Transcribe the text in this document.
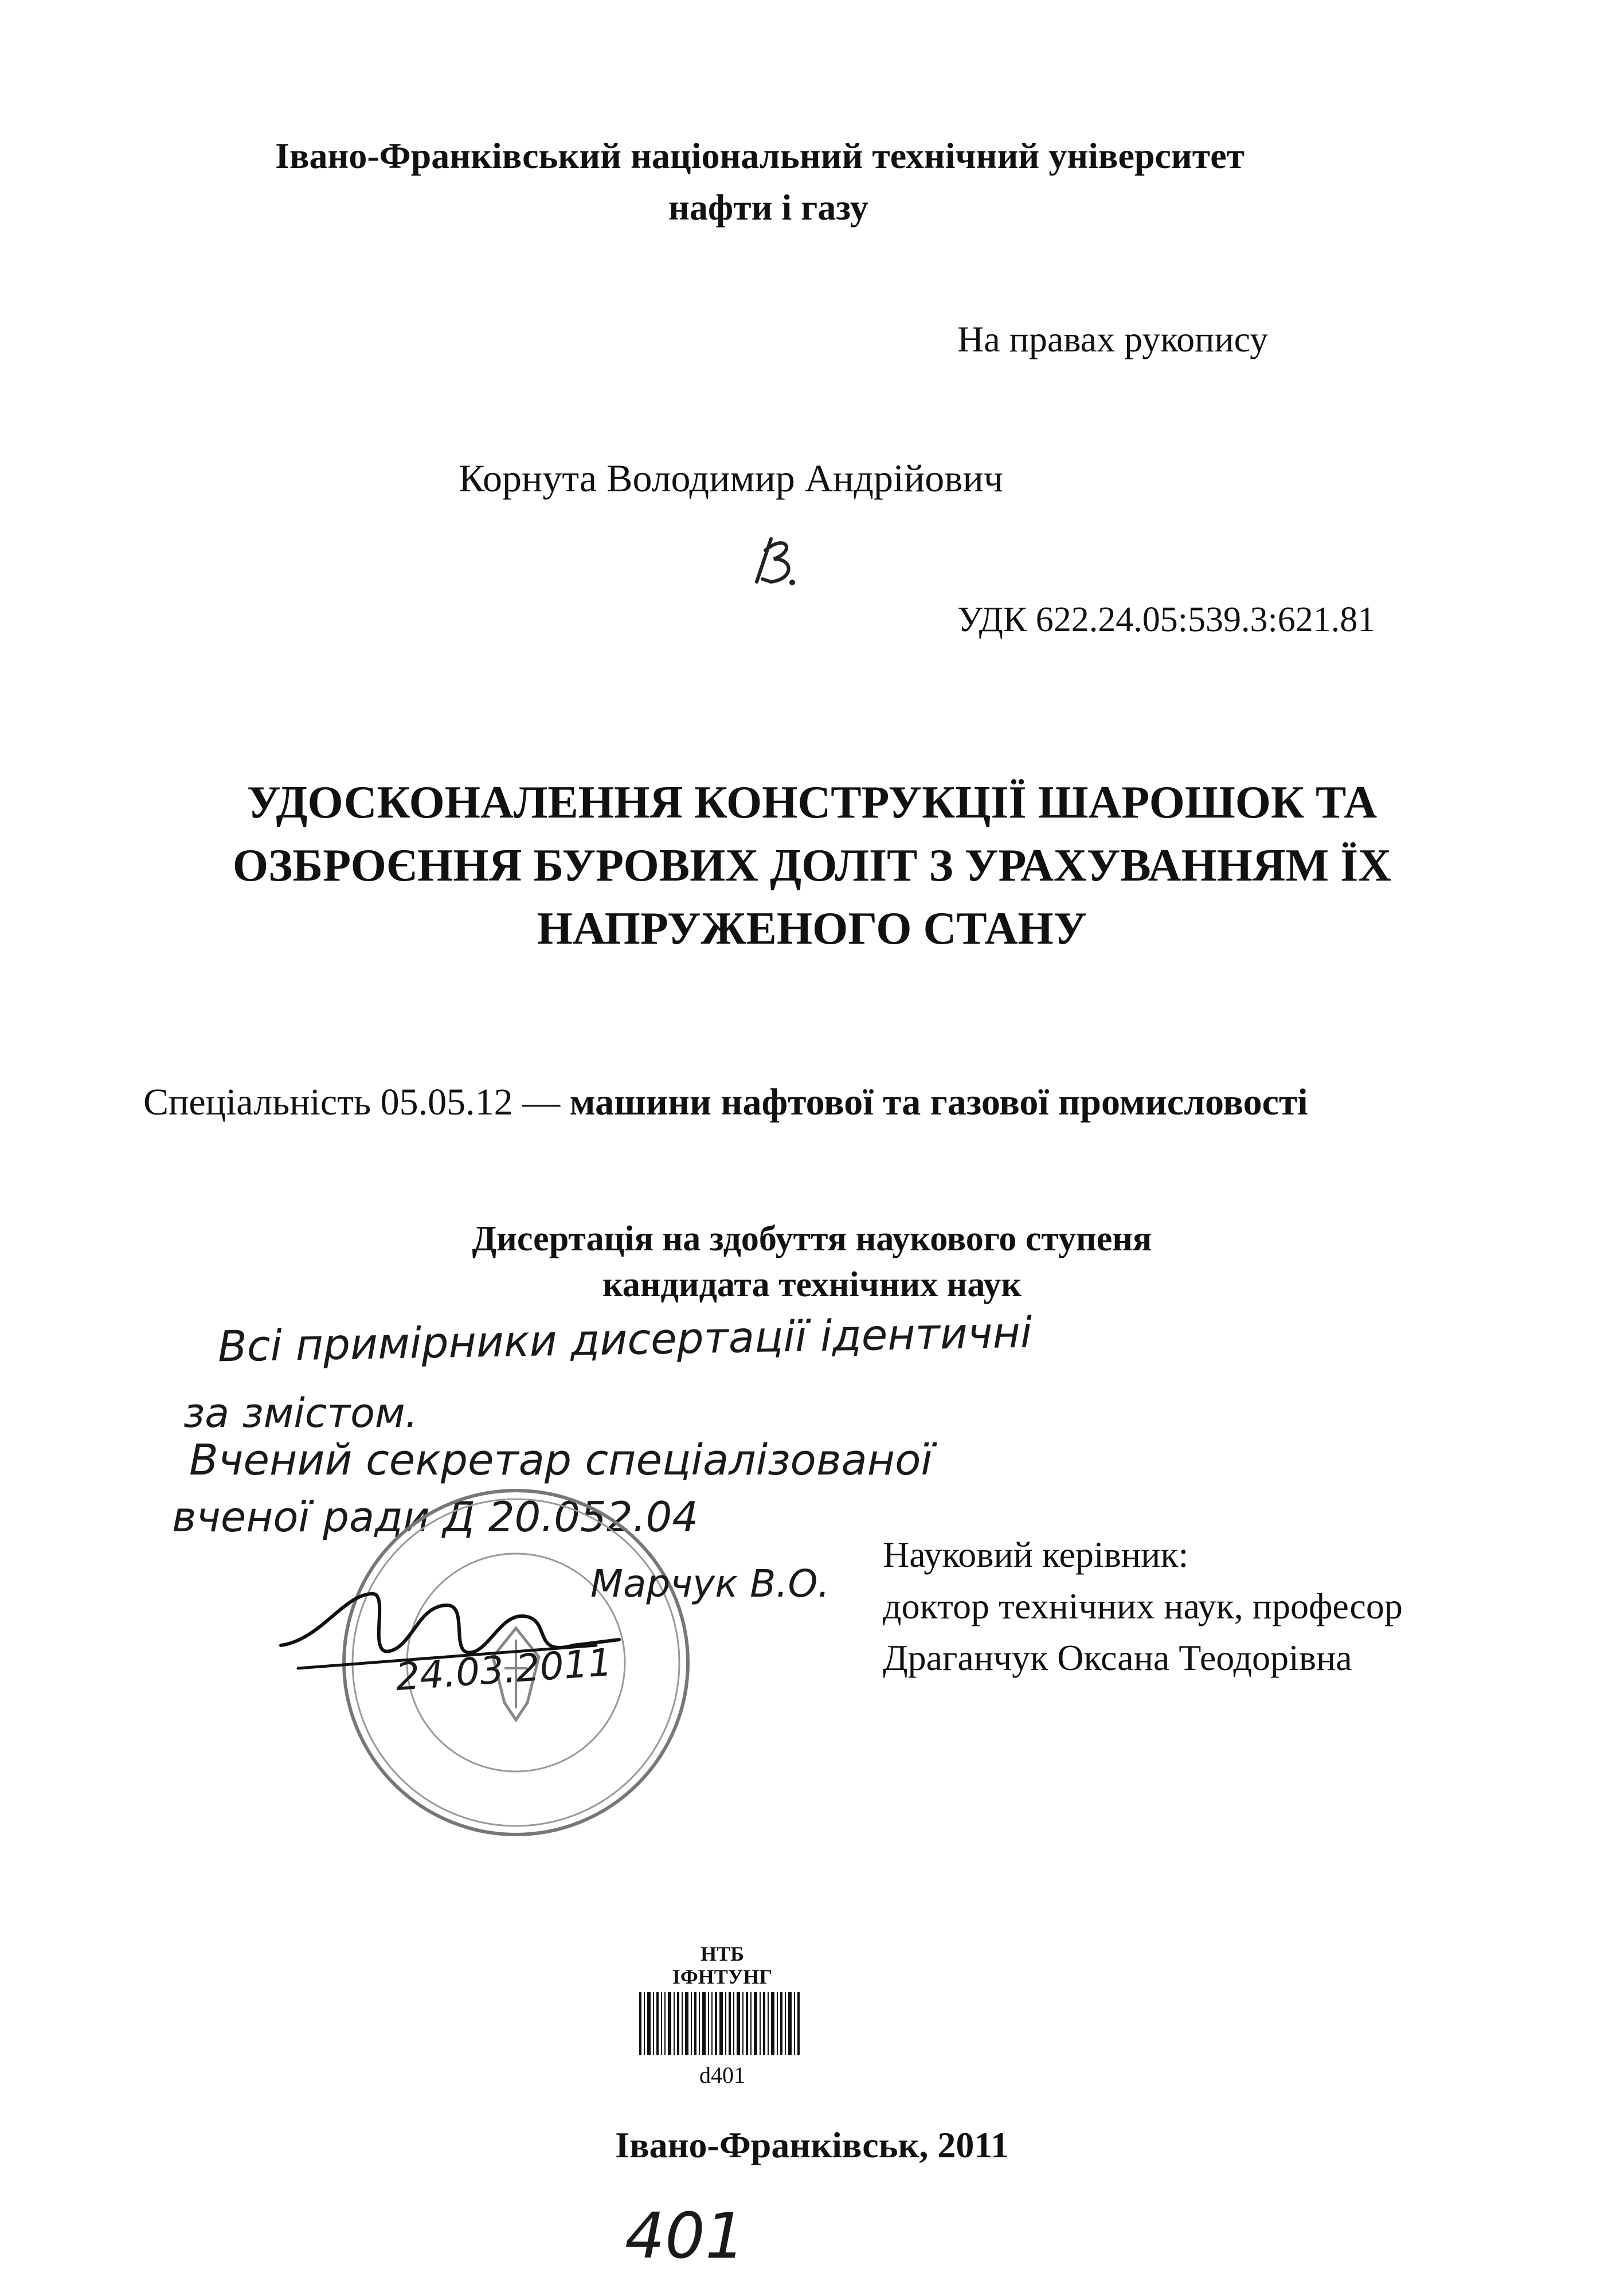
Івано-Франківський національний технічний університет
нафти і газу
На правах рукопису
Корнута Володимир Андрійович
УДК 622.24.05:539.3:621.81
УДОСКОНАЛЕННЯ КОНСТРУКЦІЇ ШАРОШОК ТА
ОЗБРОЄННЯ БУРОВИХ ДОЛІТ З УРАХУВАННЯМ ЇХ
НАПРУЖЕНОГО СТАНУ
Спеціальність 05.05.12 — машини нафтової та газової промисловості
Дисертація на здобуття наукового ступеня
кандидата технічних наук
Всі примірники дисертації ідентичні
за змістом.
Вчений секретар спеціалізованої
вченої ради Д 20.052.04
Марчук В.О.
24.03.2011
Науковий керівник:
доктор технічних наук, професор
Драганчук Оксана Теодорівна
НТБ
ІФНТУНГ
d401
Івано-Франківськ, 2011
401
